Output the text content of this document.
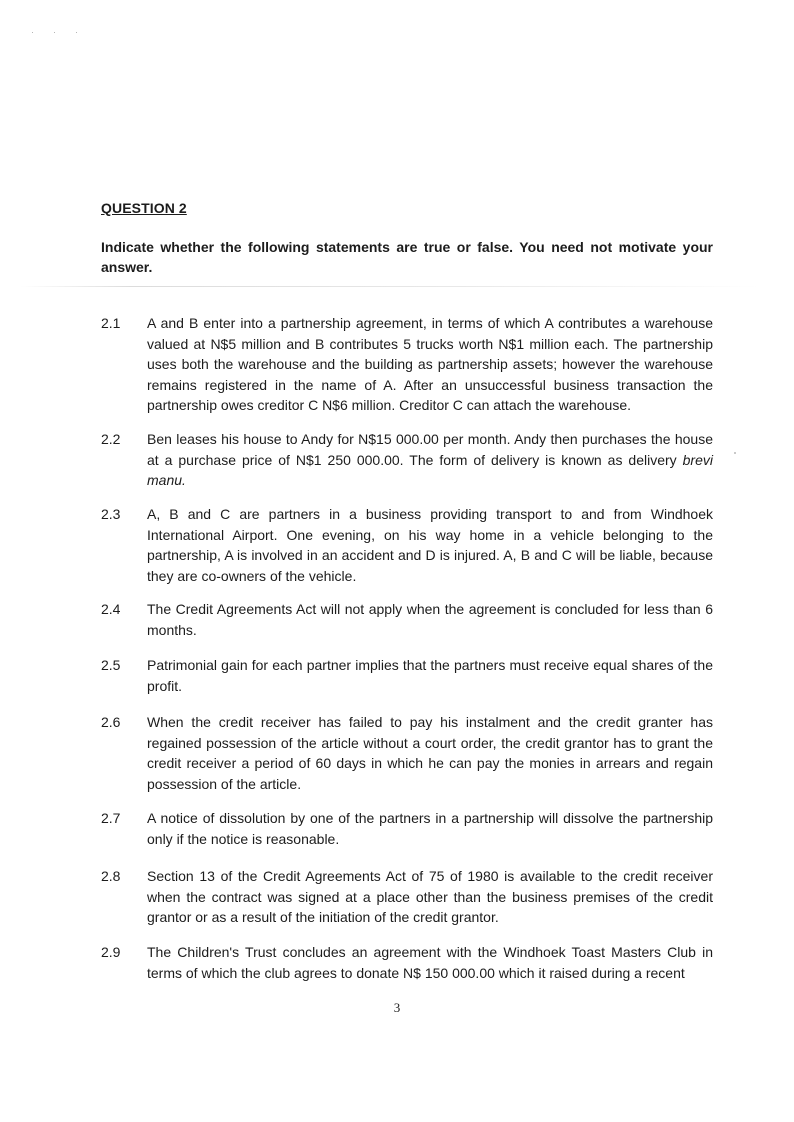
QUESTION 2
Indicate whether the following statements are true or false. You need not motivate your answer.
2.1	A and B enter into a partnership agreement, in terms of which A contributes a warehouse valued at N$5 million and B contributes 5 trucks worth N$1 million each. The partnership uses both the warehouse and the building as partnership assets; however the warehouse remains registered in the name of A. After an unsuccessful business transaction the partnership owes creditor C N$6 million. Creditor C can attach the warehouse.
2.2	Ben leases his house to Andy for N$15 000.00 per month. Andy then purchases the house at a purchase price of N$1 250 000.00. The form of delivery is known as delivery brevi manu.
2.3	A, B and C are partners in a business providing transport to and from Windhoek International Airport. One evening, on his way home in a vehicle belonging to the partnership, A is involved in an accident and D is injured. A, B and C will be liable, because they are co-owners of the vehicle.
2.4	The Credit Agreements Act will not apply when the agreement is concluded for less than 6 months.
2.5	Patrimonial gain for each partner implies that the partners must receive equal shares of the profit.
2.6	When the credit receiver has failed to pay his instalment and the credit granter has regained possession of the article without a court order, the credit grantor has to grant the credit receiver a period of 60 days in which he can pay the monies in arrears and regain possession of the article.
2.7	A notice of dissolution by one of the partners in a partnership will dissolve the partnership only if the notice is reasonable.
2.8	Section 13 of the Credit Agreements Act of 75 of 1980 is available to the credit receiver when the contract was signed at a place other than the business premises of the credit grantor or as a result of the initiation of the credit grantor.
2.9	The Children's Trust concludes an agreement with the Windhoek Toast Masters Club in terms of which the club agrees to donate N$ 150 000.00 which it raised during a recent
3
